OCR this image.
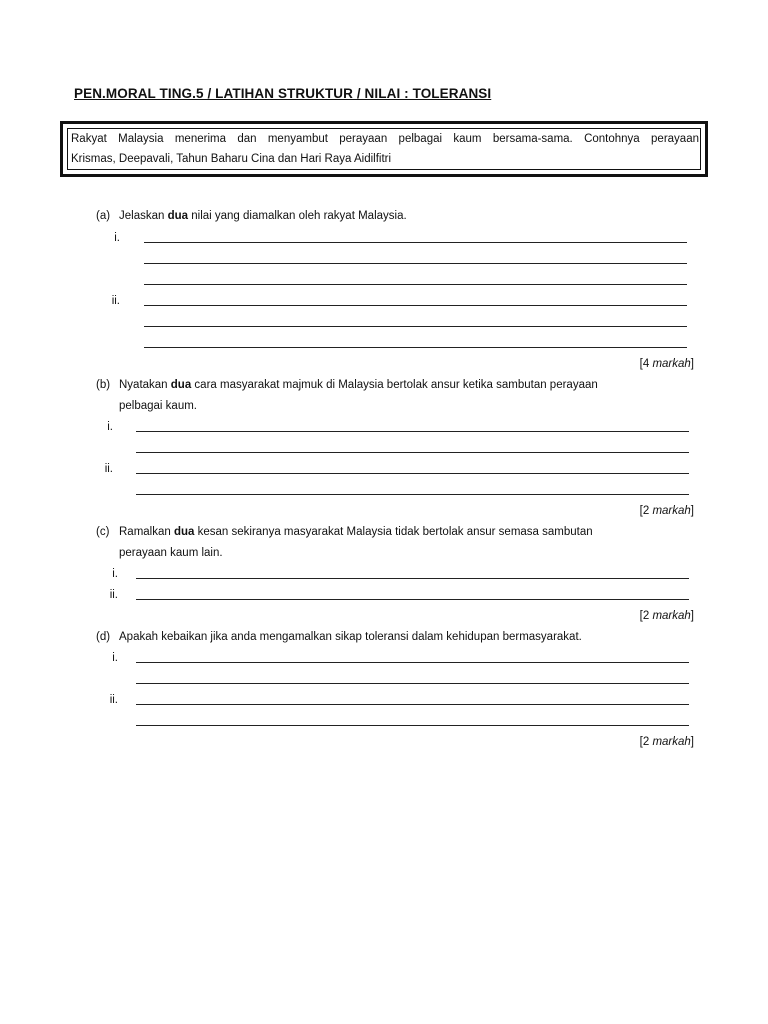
PEN.MORAL TING.5 / LATIHAN STRUKTUR / NILAI : TOLERANSI
Rakyat Malaysia menerima dan menyambut perayaan pelbagai kaum bersama-sama. Contohnya perayaan
Krismas, Deepavali, Tahun Baharu Cina dan Hari Raya Aidilfitri
(a) Jelaskan dua nilai yang diamalkan oleh rakyat Malaysia.
i.
ii.
[4 markah]
(b) Nyatakan dua cara masyarakat majmuk di Malaysia bertolak ansur ketika sambutan perayaan
pelbagai kaum.
i.
ii.
[2 markah]
(c) Ramalkan dua kesan sekiranya masyarakat Malaysia tidak bertolak ansur semasa sambutan
perayaan kaum lain.
i.
ii.
[2 markah]
(d) Apakah kebaikan jika anda mengamalkan sikap toleransi dalam kehidupan bermasyarakat.
i.
ii.
[2 markah]
